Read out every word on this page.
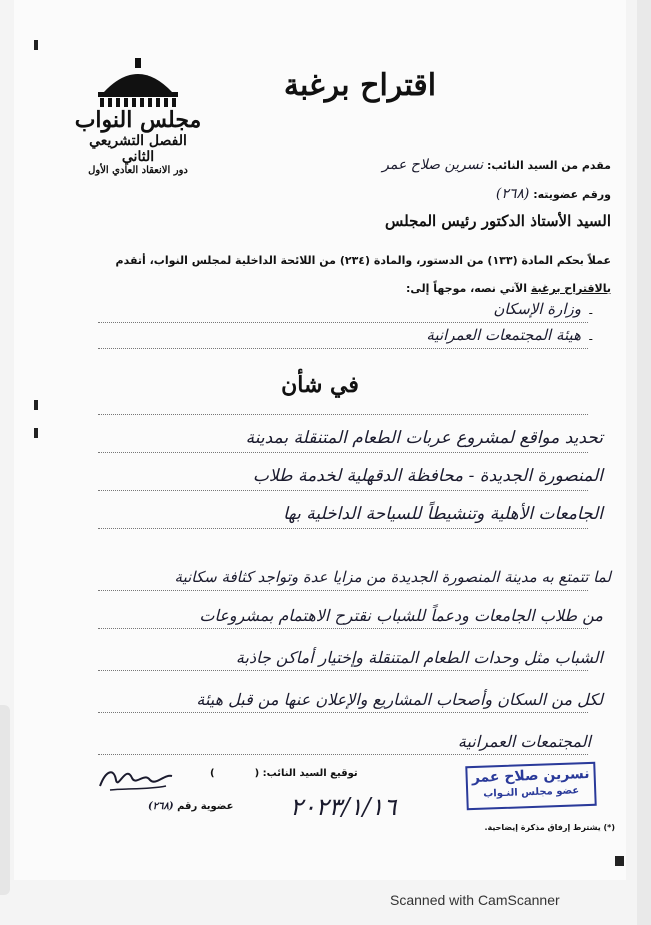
مجلس النواب
الفصل التشريعي الثاني
دور الانعقاد العادي الأول
اقتراح برغبة
مقدم من السيد النائب: نسرين صلاح عمر
ورقم عضويته: (٢٦٨)
السيد الأستاذ الدكتور رئيس المجلس
عملاً بحكم المادة (١٣٣) من الدستور، والمادة (٢٣٤) من اللائحة الداخلية لمجلس النواب، أتقدم
بالاقتراح برغبة الآتي نصه، موجهاً إلى:
-
وزارة الإسكان
-
هيئة المجتمعات العمرانية
في شأن
تحديد مواقع لمشروع عربات الطعام المتنقلة بمدينة
المنصورة الجديدة - محافظة الدقهلية لخدمة طلاب
الجامعات الأهلية وتنشيطاً للسياحة الداخلية بها
لما تتمتع به مدينة المنصورة الجديدة من مزايا عدة وتواجد كثافة سكانية
من طلاب الجامعات ودعماً للشباب نقترح الاهتمام بمشروعات
الشباب مثل وحدات الطعام المتنقلة وإختيار أماكن جاذبة
لكل من السكان وأصحاب المشاريع والإعلان عنها من قبل هيئة
المجتمعات العمرانية
توقيع السيد النائب: ()
عضوية رقم (٢٦٨)	٢٠٢٣/١/١٦
نسرين صلاح عمر
عضو مجلس النـواب
(*) يشترط إرفاق مذكرة إيضاحية.
Scanned with CamScanner
